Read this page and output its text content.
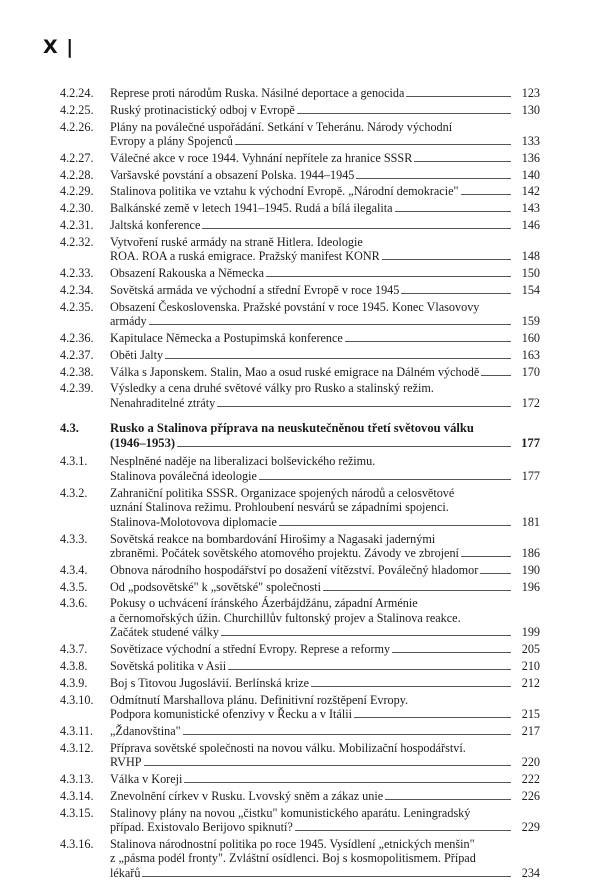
X |
4.2.24.	Represe proti národům Ruska. Násilné deportace a genocida	123
4.2.25.	Ruský protinacistický odboj v Evropě	130
4.2.26.	Plány na poválečné uspořádání. Setkání v Teheránu. Národy východní
Evropy a plány Spojenců	133
4.2.27.	Válečné akce v roce 1944. Vyhnání nepřítele za hranice SSSR	136
4.2.28.	Varšavské povstání a obsazení Polska. 1944–1945	140
4.2.29.	Stalinova politika ve vztahu k východní Evropě. „Národní demokracie"	142
4.2.30.	Balkánské země v letech 1941–1945. Rudá a bílá ilegalita	143
4.2.31.	Jaltská konference	146
4.2.32.	Vytvoření ruské armády na straně Hitlera. Ideologie
ROA. ROA a ruská emigrace. Pražský manifest KONR	148
4.2.33.	Obsazení Rakouska a Německa	150
4.2.34.	Sovětská armáda ve východní a střední Evropě v roce 1945	154
4.2.35.	Obsazení Československa. Pražské povstání v roce 1945. Konec Vlasovovy
armády	159
4.2.36.	Kapitulace Německa a Postupimská konference	160
4.2.37.	Oběti Jalty	163
4.2.38.	Válka s Japonskem. Stalin, Mao a osud ruské emigrace na Dálném východě	170
4.2.39.	Výsledky a cena druhé světové války pro Rusko a stalinský režim.
Nenahraditelné ztráty	172
4.3.	Rusko a Stalinova příprava na neuskutečněnou třetí světovou válku
(1946–1953)	177
4.3.1.	Nesplněné naděje na liberalizaci bolševického režimu.
Stalinova poválečná ideologie	177
4.3.2.	Zahraniční politika SSSR. Organizace spojených národů a celosvětové
uznání Stalinova režimu. Prohloubení nesvárů se západními spojenci.
Stalinova-Molotovova diplomacie	181
4.3.3.	Sovětská reakce na bombardování Hirošimy a Nagasaki jadernými
zbraněmi. Počátek sovětského atomového projektu. Závody ve zbrojení	186
4.3.4.	Obnova národního hospodářství po dosažení vítězství. Poválečný hladomor	190
4.3.5.	Od „podsovětské" k „sovětské" společnosti	196
4.3.6.	Pokusy o uchvácení íránského Ázerbájdžánu, západní Arménie
a černomořských úžin. Churchillův fultonský projev a Stalinova reakce.
Začátek studené války	199
4.3.7.	Sovětizace východní a střední Evropy. Represe a reformy	205
4.3.8.	Sovětská politika v Asii	210
4.3.9.	Boj s Titovou Jugoslávií. Berlínská krize	212
4.3.10.	Odmítnutí Marshallova plánu. Definitivní rozštěpení Evropy.
Podpora komunistické ofenzivy v Řecku a v Itálii	215
4.3.11.	„Ždanovština"	217
4.3.12.	Příprava sovětské společnosti na novou válku. Mobilizační hospodářství.
RVHP	220
4.3.13.	Válka v Koreji	222
4.3.14.	Znevolnění církev v Rusku. Lvovský sněm a zákaz unie	226
4.3.15.	Stalinovy plány na novou „čistku" komunistického aparátu. Leningradský
případ. Existovalo Berijovo spiknutí?	229
4.3.16.	Stalinova národnostní politika po roce 1945. Vysídlení „etnických menšin"
z „pásma podél fronty". Zvláštní osídlenci. Boj s kosmopolitismem. Případ
lékařů	234
